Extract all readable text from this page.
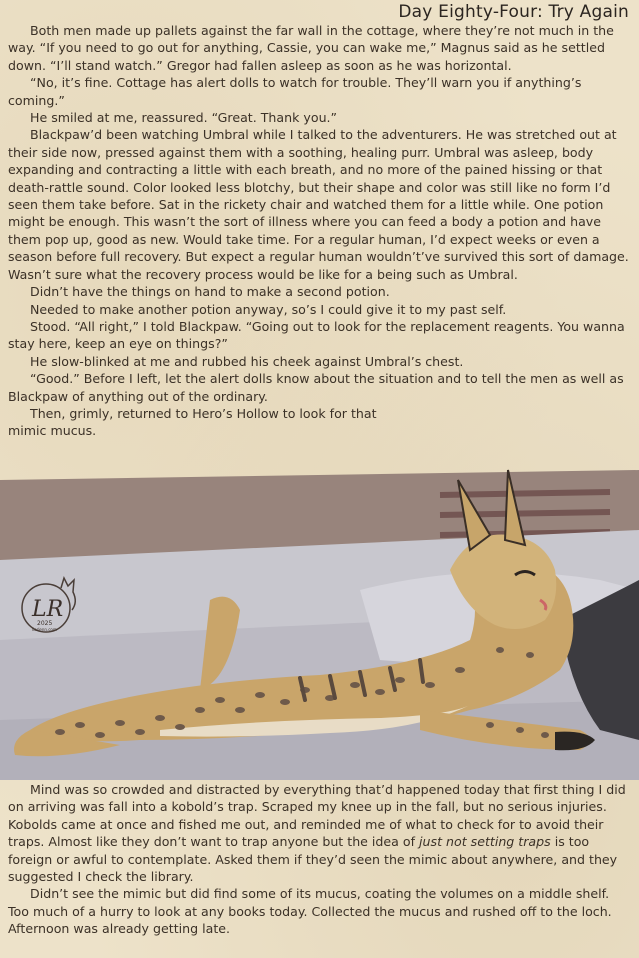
LR
2025
liarlenn.com
Day Eighty-Four: Try Again

Both men made up pallets against the far wall in the cottage, where they’re not much in the way. “If you need to go out for anything, Cassie, you can wake me,” Magnus said as he settled down. “I’ll stand watch.” Gregor had fallen asleep as soon as he was horizontal.

“No, it’s fine. Cottage has alert dolls to watch for trouble. They’ll warn you if anything’s coming.”

He smiled at me, reassured. “Great. Thank you.”

Blackpaw’d been watching Umbral while I talked to the adventurers. He was stretched out at their side now, pressed against them with a soothing, healing purr. Umbral was asleep, body expanding and contracting a little with each breath, and no more of the pained hissing or that death-rattle sound. Color looked less blotchy, but their shape and color was still like no form I’d seen them take before. Sat in the rickety chair and watched them for a little while. One potion might be enough. This wasn’t the sort of illness where you can feed a body a potion and have them pop up, good as new. Would take time. For a regular human, I’d expect weeks or even a season before full recovery. But expect a regular human wouldn’t’ve survived this sort of damage. Wasn’t sure what the recovery process would be like for a being such as Umbral.

Didn’t have the things on hand to make a second potion.

Needed to make another potion anyway, so’s I could give it to my past self.

Stood. “All right,” I told Blackpaw. “Going out to look for the replacement reagents. You wanna stay here, keep an eye on things?”

He slow-blinked at me and rubbed his cheek against Umbral’s chest.

“Good.” Before I left, let the alert dolls know about the situation and to tell the men as well as Blackpaw of anything out of the ordinary.

Then, grimly, returned to Hero’s Hollow to look for that mimic mucus.

Mind was so crowded and distracted by everything that’d happened today that first thing I did on arriving was fall into a kobold’s trap. Scraped my knee up in the fall, but no serious injuries. Kobolds came at once and fished me out, and reminded me of what to check for to avoid their traps. Almost like they don’t want to trap anyone but the idea of just not setting traps is too foreign or awful to contemplate. Asked them if they’d seen the mimic about anywhere, and they suggested I check the library.

Didn’t see the mimic but did find some of its mucus, coating the volumes on a middle shelf. Too much of a hurry to look at any books today. Collected the mucus and rushed off to the loch. Afternoon was already getting late.
